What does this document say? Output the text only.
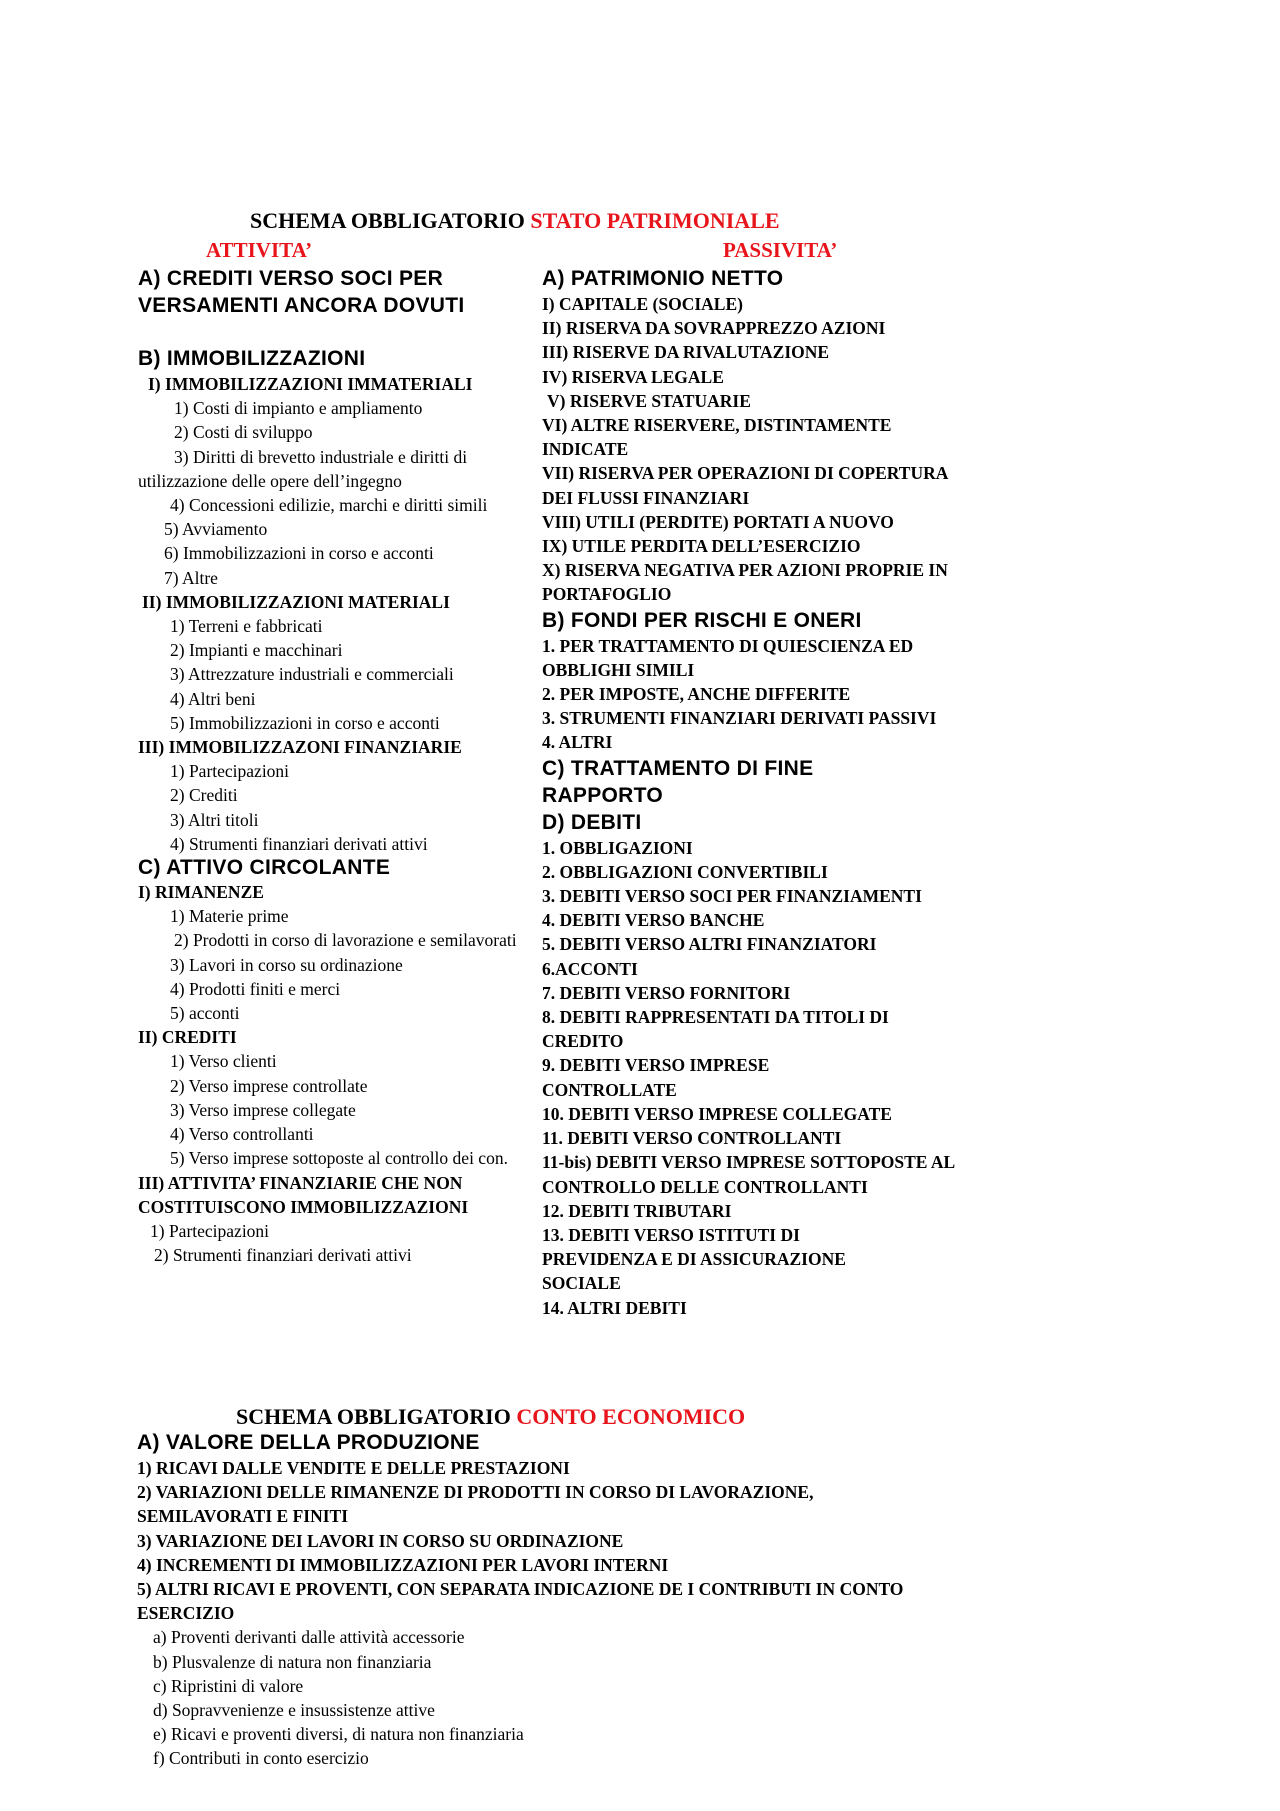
SCHEMA OBBLIGATORIO STATO PATRIMONIALE
ATTIVITA’	PASSIVITA’
A) CREDITI VERSO SOCI PER VERSAMENTI ANCORA DOVUTI
B) IMMOBILIZZAZIONI
I) IMMOBILIZZAZIONI IMMATERIALI
1) Costi di impianto e ampliamento
2) Costi di sviluppo
3) Diritti di brevetto industriale e diritti di utilizzazione delle opere dell’ingegno
4) Concessioni edilizie, marchi e diritti simili
5) Avviamento
6) Immobilizzazioni in corso e acconti
7) Altre
II) IMMOBILIZZAZIONI MATERIALI
1) Terreni e fabbricati
2) Impianti e macchinari
3) Attrezzature industriali e commerciali
4) Altri beni
5) Immobilizzazioni in corso e acconti
III) IMMOBILIZZAZONI FINANZIARIE
1) Partecipazioni
2) Crediti
3) Altri titoli
4) Strumenti finanziari derivati attivi
C) ATTIVO CIRCOLANTE
I) RIMANENZE
1) Materie prime
2) Prodotti in corso di lavorazione e semilavorati
3) Lavori in corso su ordinazione
4) Prodotti finiti e merci
5) acconti
II) CREDITI
1) Verso clienti
2) Verso imprese controllate
3) Verso imprese collegate
4) Verso controllanti
5) Verso imprese sottoposte al controllo dei con.
III) ATTIVITA’ FINANZIARIE CHE NON COSTITUISCONO IMMOBILIZZAZIONI
1) Partecipazioni
2) Strumenti finanziari derivati attivi
A) PATRIMONIO NETTO
I) CAPITALE (SOCIALE)
II) RISERVA DA SOVRAPPREZZO AZIONI
III) RISERVE DA RIVALUTAZIONE
IV) RISERVA LEGALE
V) RISERVE STATUARIE
VI) ALTRE RISERVERE, DISTINTAMENTE INDICATE
VII) RISERVA PER OPERAZIONI DI COPERTURA DEI FLUSSI FINANZIARI
VIII) UTILI (PERDITE) PORTATI A NUOVO
IX) UTILE PERDITA DELL’ESERCIZIO
X) RISERVA NEGATIVA PER AZIONI PROPRIE IN PORTAFOGLIO
B) FONDI PER RISCHI E ONERI
1. PER TRATTAMENTO DI QUIESCIENZA ED OBBLIGHI SIMILI
2. PER IMPOSTE, ANCHE DIFFERITE
3. STRUMENTI FINANZIARI DERIVATI PASSIVI
4. ALTRI
C) TRATTAMENTO DI FINE RAPPORTO
D) DEBITI
1. OBBLIGAZIONI
2. OBBLIGAZIONI CONVERTIBILI
3. DEBITI VERSO SOCI PER FINANZIAMENTI
4. DEBITI VERSO BANCHE
5. DEBITI VERSO ALTRI FINANZIATORI
6.ACCONTI
7. DEBITI VERSO FORNITORI
8. DEBITI RAPPRESENTATI DA TITOLI DI CREDITO
9. DEBITI VERSO IMPRESE CONTROLLATE
10. DEBITI VERSO IMPRESE COLLEGATE
11. DEBITI VERSO CONTROLLANTI
11-bis) DEBITI VERSO IMPRESE SOTTOPOSTE AL CONTROLLO DELLE CONTROLLANTI
12. DEBITI TRIBUTARI
13. DEBITI VERSO ISTITUTI DI PREVIDENZA E DI ASSICURAZIONE SOCIALE
14. ALTRI DEBITI
SCHEMA OBBLIGATORIO CONTO ECONOMICO
A) VALORE DELLA PRODUZIONE
1) RICAVI DALLE VENDITE E DELLE PRESTAZIONI
2) VARIAZIONI DELLE RIMANENZE DI PRODOTTI IN CORSO DI LAVORAZIONE, SEMILAVORATI E FINITI
3) VARIAZIONE DEI LAVORI IN CORSO SU ORDINAZIONE
4) INCREMENTI DI IMMOBILIZZAZIONI PER LAVORI INTERNI
5) ALTRI RICAVI E PROVENTI, CON SEPARATA INDICAZIONE DE I CONTRIBUTI IN CONTO ESERCIZIO
a) Proventi derivanti dalle attività accessorie
b) Plusvalenze di natura non finanziaria
c) Ripristini di valore
d) Sopravvenienze e insussistenze attive
e) Ricavi e proventi diversi, di natura non finanziaria
f) Contributi in conto esercizio
